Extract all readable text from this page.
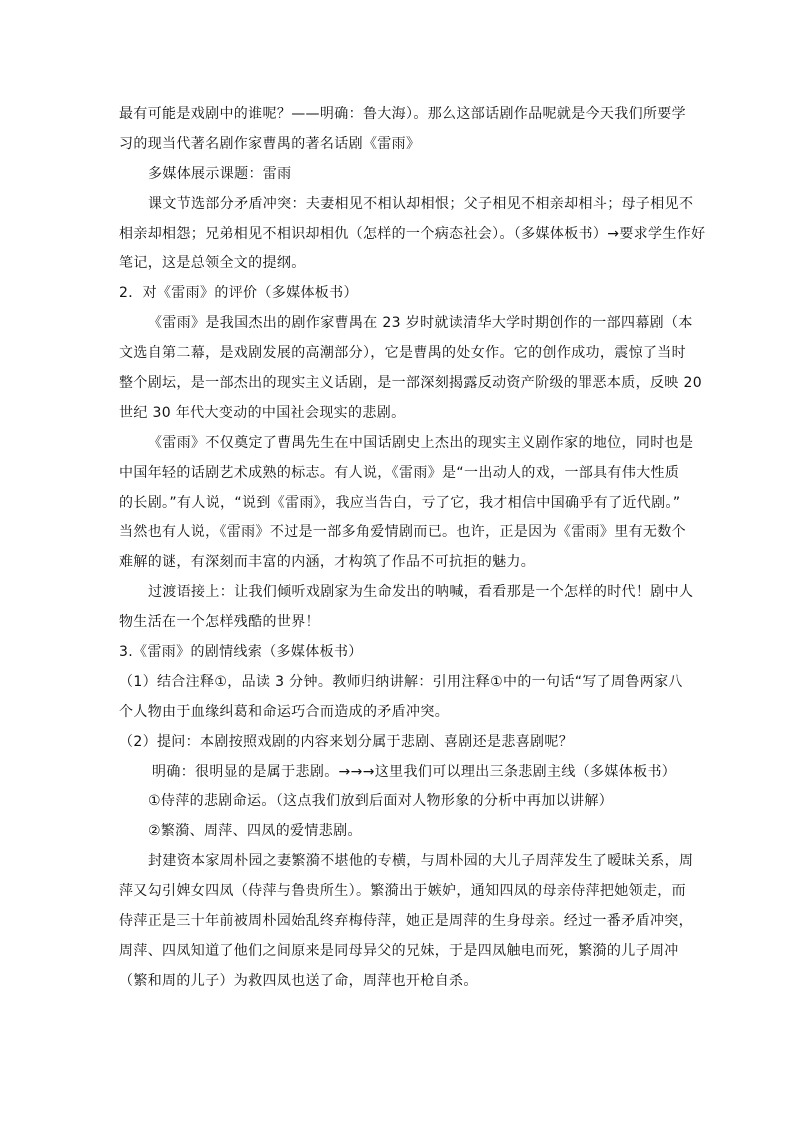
最有可能是戏剧中的谁呢？——明确：鲁大海）。那么这部话剧作品呢就是今天我们所要学
习的现当代著名剧作家曹禺的著名话剧《雷雨》
多媒体展示课题：雷雨
课文节选部分矛盾冲突：夫妻相见不相认却相恨；父子相见不相亲却相斗；母子相见不
相亲却相怨；兄弟相见不相识却相仇（怎样的一个病态社会）。（多媒体板书）→要求学生作好
笔记，这是总领全文的提纲。
2．对《雷雨》的评价（多媒体板书）
《雷雨》是我国杰出的剧作家曹禺在 23 岁时就读清华大学时期创作的一部四幕剧（本
文选自第二幕，是戏剧发展的高潮部分），它是曹禺的处女作。它的创作成功，震惊了当时
整个剧坛，是一部杰出的现实主义话剧，是一部深刻揭露反动资产阶级的罪恶本质，反映 20
世纪 30 年代大变动的中国社会现实的悲剧。
《雷雨》不仅奠定了曹禺先生在中国话剧史上杰出的现实主义剧作家的地位，同时也是
中国年轻的话剧艺术成熟的标志。有人说，《雷雨》是“一出动人的戏，一部具有伟大性质
的长剧。”有人说，“说到《雷雨》，我应当告白，亏了它，我才相信中国确乎有了近代剧。”
当然也有人说，《雷雨》不过是一部多角爱情剧而已。也许，正是因为《雷雨》里有无数个
难解的谜，有深刻而丰富的内涵，才构筑了作品不可抗拒的魅力。
过渡语接上：让我们倾听戏剧家为生命发出的呐喊，看看那是一个怎样的时代！剧中人
物生活在一个怎样残酷的世界！
3.《雷雨》的剧情线索（多媒体板书）
（1）结合注释①，品读 3 分钟。教师归纳讲解：引用注释①中的一句话“写了周鲁两家八
个人物由于血缘纠葛和命运巧合而造成的矛盾冲突。
（2）提问：本剧按照戏剧的内容来划分属于悲剧、喜剧还是悲喜剧呢？
明确：很明显的是属于悲剧。→→→这里我们可以理出三条悲剧主线（多媒体板书）
①侍萍的悲剧命运。（这点我们放到后面对人物形象的分析中再加以讲解）
②繁漪、周萍、四凤的爱情悲剧。
封建资本家周朴园之妻繁漪不堪他的专横，与周朴园的大儿子周萍发生了暧昧关系，周
萍又勾引婢女四凤（侍萍与鲁贵所生）。繁漪出于嫉妒，通知四凤的母亲侍萍把她领走，而
侍萍正是三十年前被周朴园始乱终弃梅侍萍，她正是周萍的生身母亲。经过一番矛盾冲突，
周萍、四凤知道了他们之间原来是同母异父的兄妹，于是四凤触电而死，繁漪的儿子周冲
（繁和周的儿子）为救四凤也送了命，周萍也开枪自杀。
